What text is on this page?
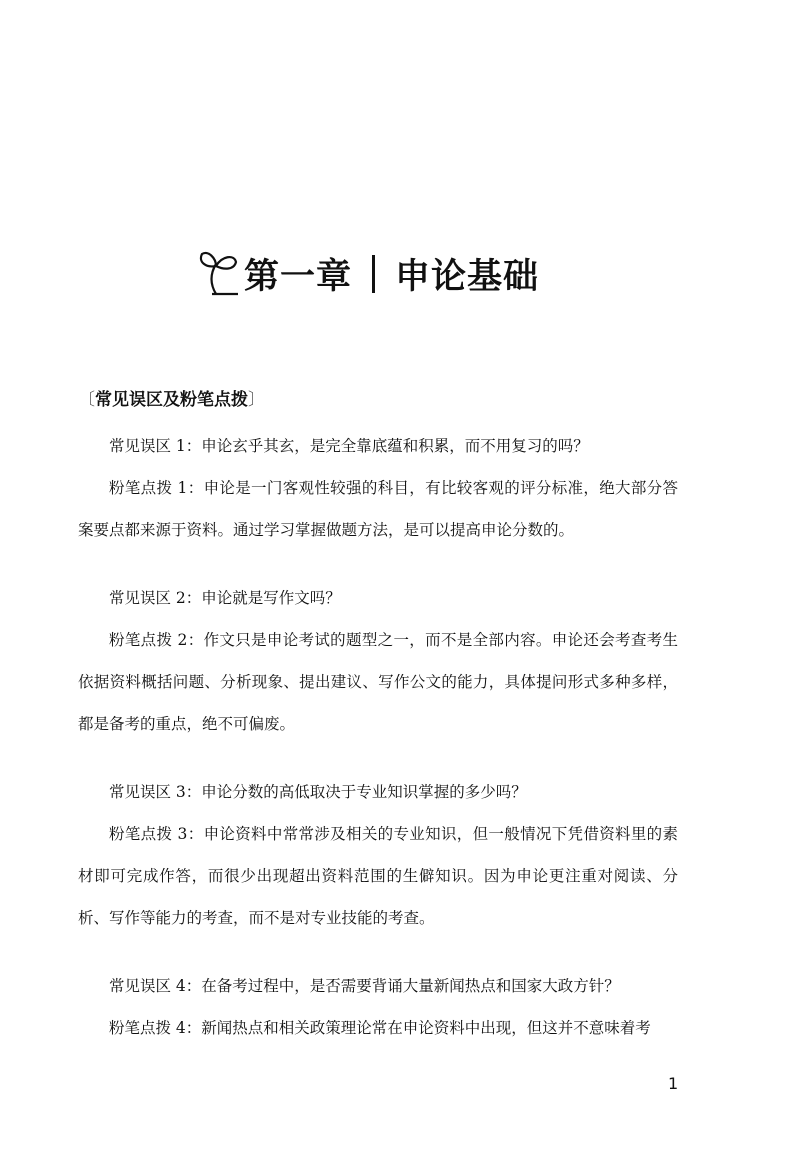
第一章 申论基础
〔常见误区及粉笔点拨〕

常见误区 1：申论玄乎其玄，是完全靠底蕴和积累，而不用复习的吗？

粉笔点拨 1：申论是一门客观性较强的科目，有比较客观的评分标准，绝大部分答案要点都来源于资料。通过学习掌握做题方法，是可以提高申论分数的。

常见误区 2：申论就是写作文吗？

粉笔点拨 2：作文只是申论考试的题型之一，而不是全部内容。申论还会考查考生依据资料概括问题、分析现象、提出建议、写作公文的能力，具体提问形式多种多样，都是备考的重点，绝不可偏废。

常见误区 3：申论分数的高低取决于专业知识掌握的多少吗？

粉笔点拨 3：申论资料中常常涉及相关的专业知识，但一般情况下凭借资料里的素材即可完成作答，而很少出现超出资料范围的生僻知识。因为申论更注重对阅读、分析、写作等能力的考查，而不是对专业技能的考查。

常见误区 4：在备考过程中，是否需要背诵大量新闻热点和国家大政方针？

粉笔点拨 4：新闻热点和相关政策理论常在申论资料中出现，但这并不意味着考

1
